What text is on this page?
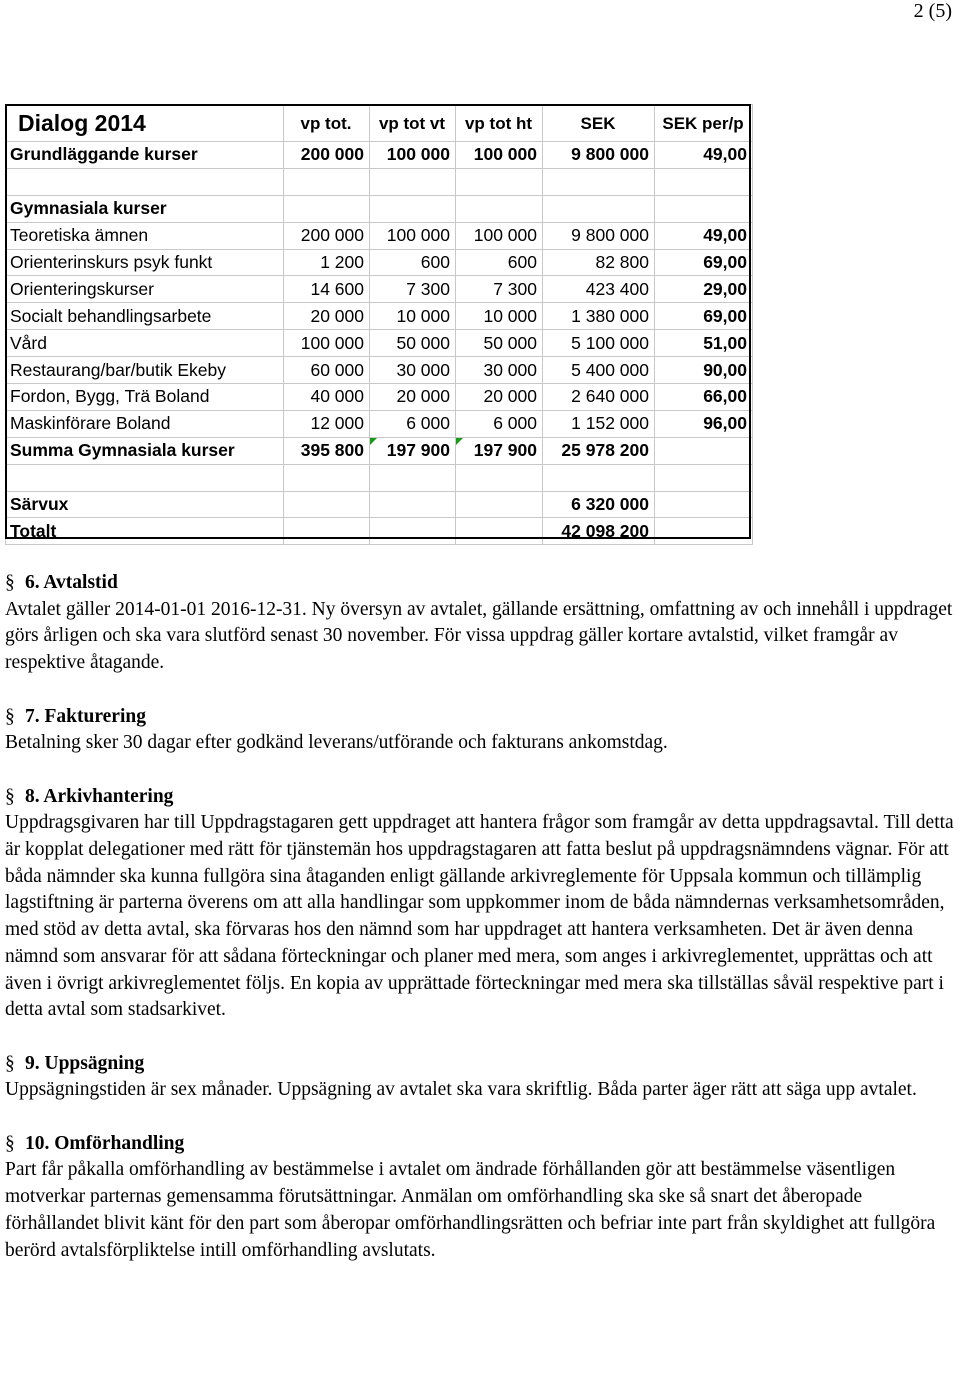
2 (5)
Dialog 2014	vp tot.	vp tot vt	vp tot ht	SEK	SEK per/p
Grundläggande kurser	200 000	100 000	100 000	9 800 000	49,00

Gymnasiala kurser					
Teoretiska ämnen	200 000	100 000	100 000	9 800 000	49,00
Orienterinskurs psyk funkt	1 200	600	600	82 800	69,00
Orienteringskurser	14 600	7 300	7 300	423 400	29,00
Socialt behandlingsarbete	20 000	10 000	10 000	1 380 000	69,00
Vård	100 000	50 000	50 000	5 100 000	51,00
Restaurang/bar/butik Ekeby	60 000	30 000	30 000	5 400 000	90,00
Fordon, Bygg, Trä Boland	40 000	20 000	20 000	2 640 000	66,00
Maskinförare Boland	12 000	6 000	6 000	1 152 000	96,00
Summa Gymnasiala kurser	395 800	197 900	197 900	25 978 200	

Särvux				6 320 000	
Totalt				42 098 200	

§ 6. Avtalstid

Avtalet gäller 2014-01-01 2016-12-31. Ny översyn av avtalet, gällande ersättning, omfattning av och innehåll i uppdraget görs årligen och ska vara slutförd senast 30 november. För vissa uppdrag gäller kortare avtalstid, vilket framgår av respektive åtagande.

§ 7. Fakturering

Betalning sker 30 dagar efter godkänd leverans/utförande och fakturans ankomstdag.

§ 8. Arkivhantering

Uppdragsgivaren har till Uppdragstagaren gett uppdraget att hantera frågor som framgår av detta uppdragsavtal. Till detta är kopplat delegationer med rätt för tjänstemän hos uppdragstagaren att fatta beslut på uppdragsnämndens vägnar. För att båda nämnder ska kunna fullgöra sina åtaganden enligt gällande arkivreglemente för Uppsala kommun och tillämplig lagstiftning är parterna överens om att alla handlingar som uppkommer inom de båda nämndernas verksamhetsområden, med stöd av detta avtal, ska förvaras hos den nämnd som har uppdraget att hantera verksamheten. Det är även denna nämnd som ansvarar för att sådana förteckningar och planer med mera, som anges i arkivreglementet, upprättas och att även i övrigt arkivreglementet följs. En kopia av upprättade förteckningar med mera ska tillställas såväl respektive part i detta avtal som stadsarkivet.

§ 9. Uppsägning

Uppsägningstiden är sex månader. Uppsägning av avtalet ska vara skriftlig. Båda parter äger rätt att säga upp avtalet.

§ 10. Omförhandling

Part får påkalla omförhandling av bestämmelse i avtalet om ändrade förhållanden gör att bestämmelse väsentligen motverkar parternas gemensamma förutsättningar. Anmälan om omförhandling ska ske så snart det åberopade förhållandet blivit känt för den part som åberopar omförhandlingsrätten och befriar inte part från skyldighet att fullgöra berörd avtalsförpliktelse intill omförhandling avslutats.
